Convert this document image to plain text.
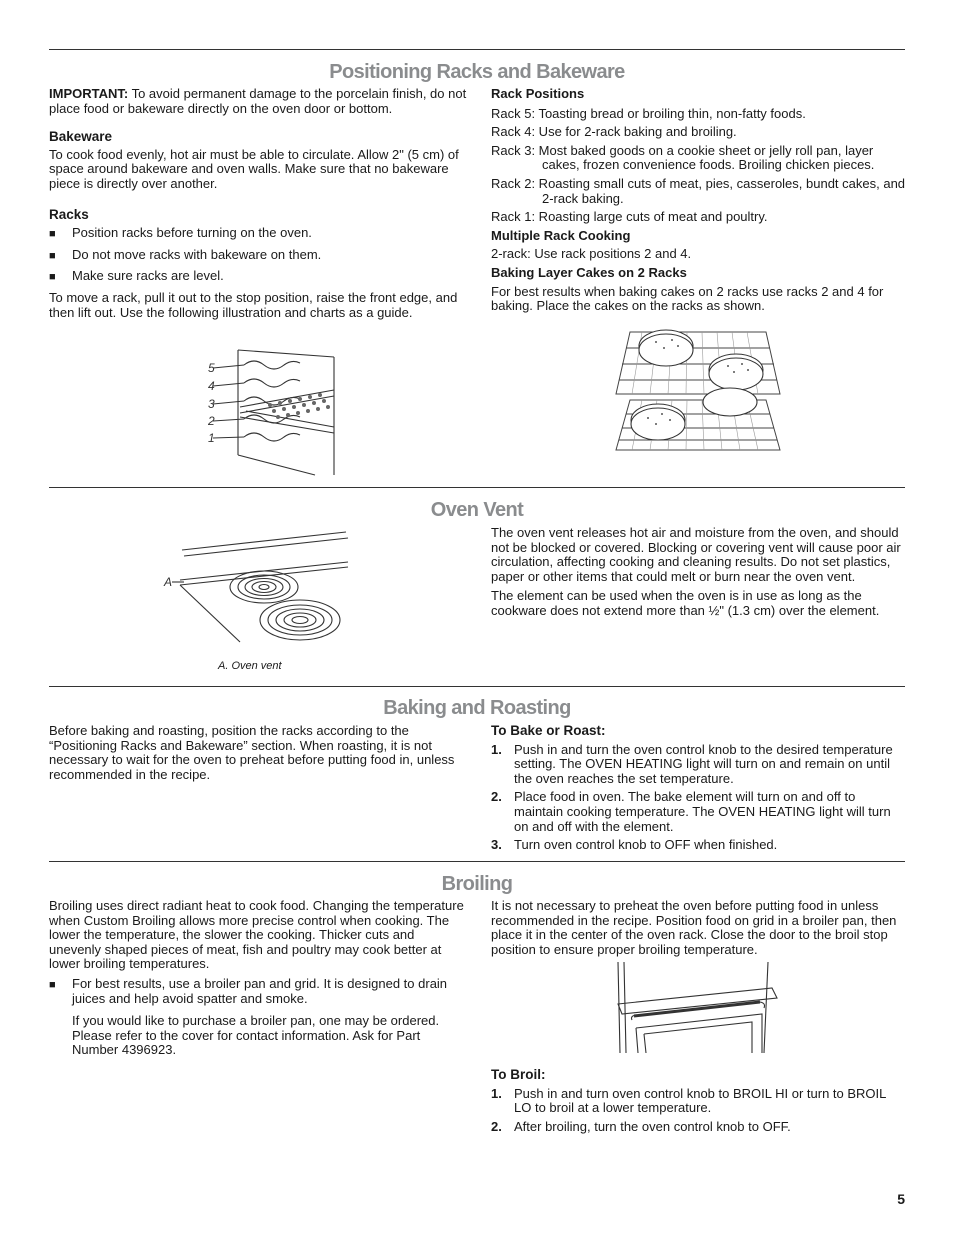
Positioning Racks and Bakeware

IMPORTANT: To avoid permanent damage to the porcelain finish, do not place food or bakeware directly on the oven door or bottom.

Bakeware

To cook food evenly, hot air must be able to circulate. Allow 2" (5 cm) of space around bakeware and oven walls. Make sure that no bakeware piece is directly over another.

Racks
■ Position racks before turning on the oven.
■ Do not move racks with bakeware on them.
■ Make sure racks are level.

To move a rack, pull it out to the stop position, raise the front edge, and then lift out. Use the following illustration and charts as a guide.

5
4
3
2
1
Rack Positions

Rack 5: Toasting bread or broiling thin, non-fatty foods.

Rack 4: Use for 2-rack baking and broiling.

Rack 3: Most baked goods on a cookie sheet or jelly roll pan, layer cakes, frozen convenience foods. Broiling chicken pieces.

Rack 2: Roasting small cuts of meat, pies, casseroles, bundt cakes, and 2-rack baking.

Rack 1: Roasting large cuts of meat and poultry.

Multiple Rack Cooking

2-rack: Use rack positions 2 and 4.

Baking Layer Cakes on 2 Racks

For best results when baking cakes on 2 racks use racks 2 and 4 for baking. Place the cakes on the racks as shown.

Oven Vent
A
A. Oven vent

The oven vent releases hot air and moisture from the oven, and should not be blocked or covered. Blocking or covering vent will cause poor air circulation, affecting cooking and cleaning results. Do not set plastics, paper or other items that could melt or burn near the oven vent.

The element can be used when the oven is in use as long as the cookware does not extend more than ½" (1.3 cm) over the element.

Baking and Roasting

Before baking and roasting, position the racks according to the “Positioning Racks and Bakeware” section. When roasting, it is not necessary to wait for the oven to preheat before putting food in, unless recommended in the recipe.

To Bake or Roast:
1. Push in and turn the oven control knob to the desired temperature setting. The OVEN HEATING light will turn on and remain on until the oven reaches the set temperature.
2. Place food in oven. The bake element will turn on and off to maintain cooking temperature. The OVEN HEATING light will turn on and off with the element.
3. Turn oven control knob to OFF when finished.
Broiling

Broiling uses direct radiant heat to cook food. Changing the temperature when Custom Broiling allows more precise control when cooking. The lower the temperature, the slower the cooking. Thicker cuts and unevenly shaped pieces of meat, fish and poultry may cook better at lower broiling temperatures.

■ For best results, use a broiler pan and grid. It is designed to drain juices and help avoid spatter and smoke.

If you would like to purchase a broiler pan, one may be ordered. Please refer to the cover for contact information. Ask for Part Number 4396923.

It is not necessary to preheat the oven before putting food in unless recommended in the recipe. Position food on grid in a broiler pan, then place it in the center of the oven rack. Close the door to the broil stop position to ensure proper broiling temperature.

To Broil:
1. Push in and turn oven control knob to BROIL HI or turn to BROIL LO to broil at a lower temperature.
2. After broiling, turn the oven control knob to OFF.
5
